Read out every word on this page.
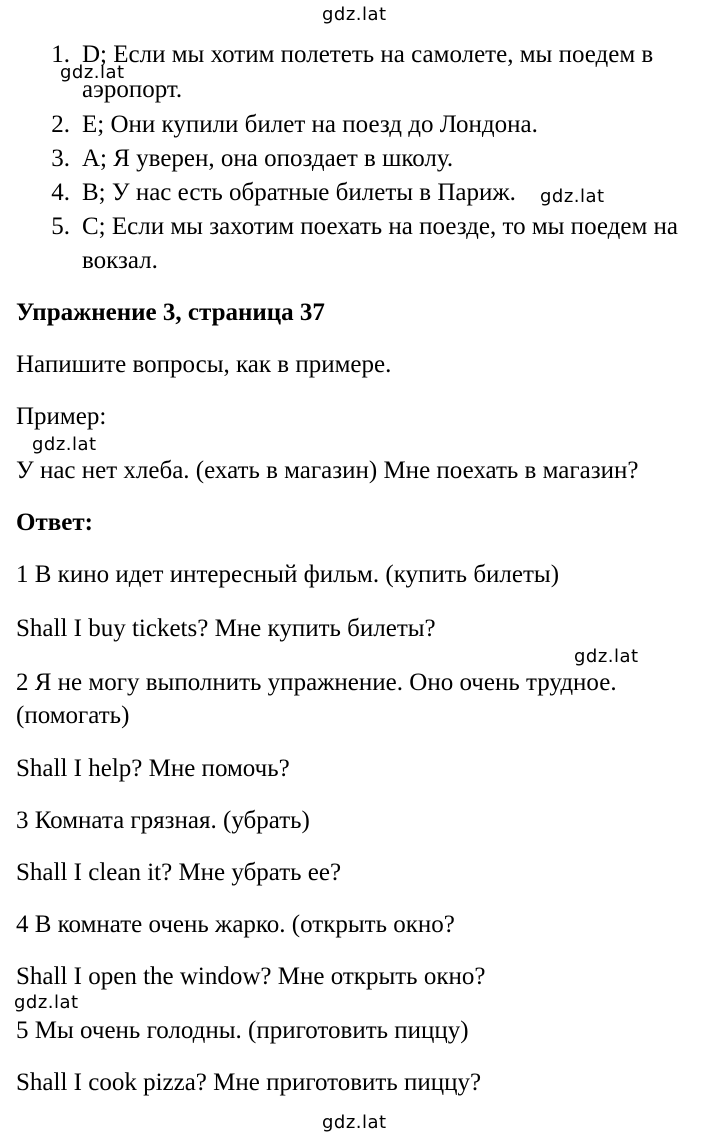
gdz.lat
gdz.lat
gdz.lat
gdz.lat
gdz.lat
gdz.lat
gdz.lat
1. D; Если мы хотим полететь на самолете, мы поедем в
аэропорт.
2. E; Они купили билет на поезд до Лондона.
3. A; Я уверен, она опоздает в школу.
4. B; У нас есть обратные билеты в Париж.
5. C; Если мы захотим поехать на поезде, то мы поедем на
вокзал.
Упражнение 3, страница 37
Напишите вопросы, как в примере.
Пример:
У нас нет хлеба. (ехать в магазин) Мне поехать в магазин?
Ответ:
1 В кино идет интересный фильм. (купить билеты)
Shall I buy tickets? Мне купить билеты?
2 Я не могу выполнить упражнение. Оно очень трудное.
(помогать)
Shall I help? Мне помочь?
3 Комната грязная. (убрать)
Shall I clean it? Мне убрать ее?
4 В комнате очень жарко. (открыть окно?
Shall I open the window? Мне открыть окно?
5 Мы очень голодны. (приготовить пиццу)
Shall I cook pizza? Мне приготовить пиццу?
